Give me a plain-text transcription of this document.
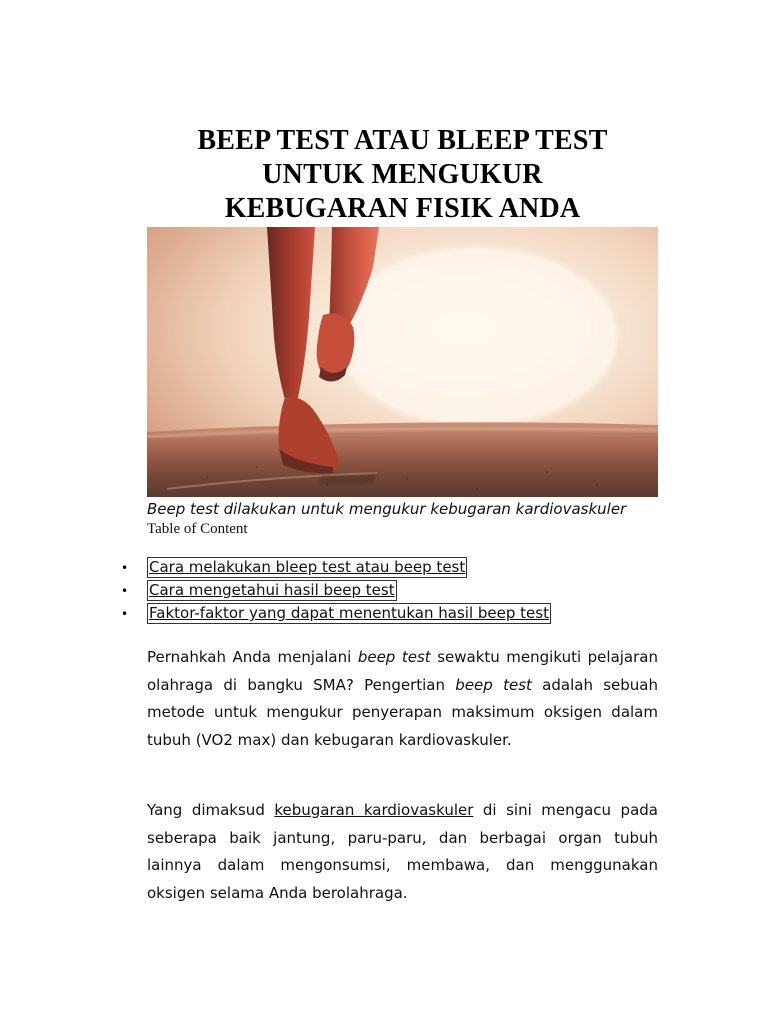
BEEP TEST ATAU BLEEP TEST
UNTUK MENGUKUR
KEBUGARAN FISIK ANDA
Beep test dilakukan untuk mengukur kebugaran kardiovaskuler
Table of Content
•	Cara melakukan bleep test atau beep test
•	Cara mengetahui hasil beep test
•	Faktor-faktor yang dapat menentukan hasil beep test

Pernahkah Anda menjalani beep test sewaktu mengikuti pelajaran olahraga di bangku SMA? Pengertian beep test adalah sebuah metode untuk mengukur penyerapan maksimum oksigen dalam tubuh (VO2 max) dan kebugaran kardiovaskuler.

Yang dimaksud kebugaran kardiovaskuler di sini mengacu pada seberapa baik jantung, paru-paru, dan berbagai organ tubuh lainnya dalam mengonsumsi, membawa, dan menggunakan oksigen selama Anda berolahraga.
